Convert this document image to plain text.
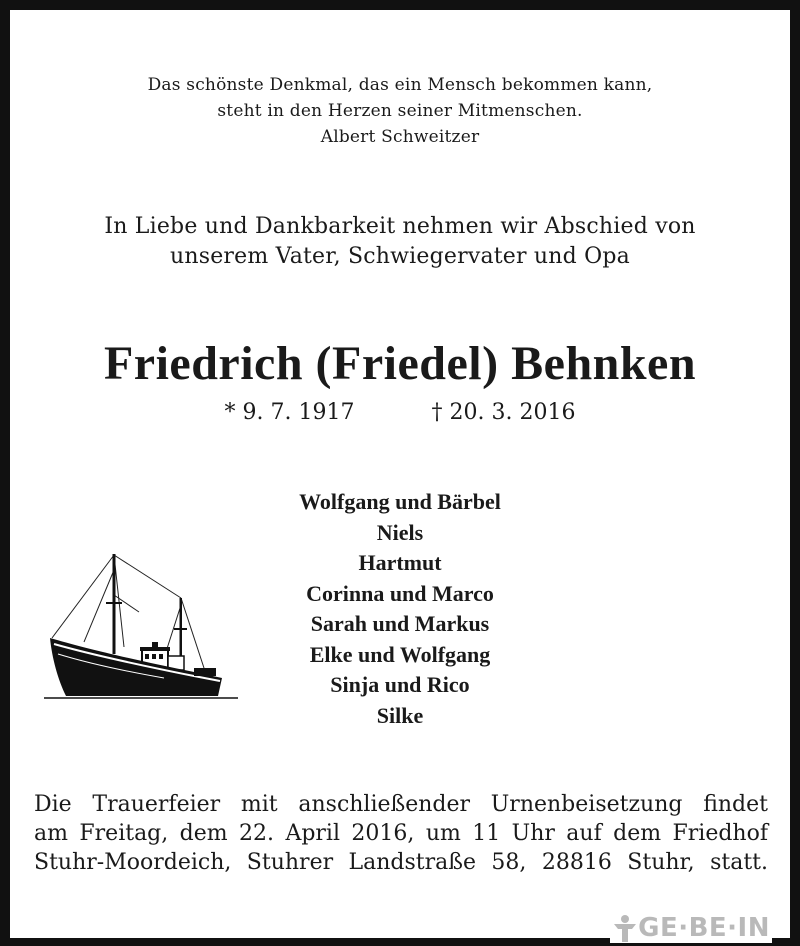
Das schönste Denkmal, das ein Mensch bekommen kann,
steht in den Herzen seiner Mitmenschen.
Albert Schweitzer
In Liebe und Dankbarkeit nehmen wir Abschied von
unserem Vater, Schwiegervater und Opa
Friedrich (Friedel) Behnken
* 9. 7. 1917	† 20. 3. 2016
Wolfgang und Bärbel
Niels
Hartmut
Corinna und Marco
Sarah und Markus
Elke und Wolfgang
Sinja und Rico
Silke
Die Trauerfeier mit anschließender Urnenbeisetzung findet
am Freitag, dem 22. April 2016, um 11 Uhr auf dem Friedhof
Stuhr-Moordeich, Stuhrer Landstraße 58, 28816 Stuhr, statt.
GE·BE·IN
